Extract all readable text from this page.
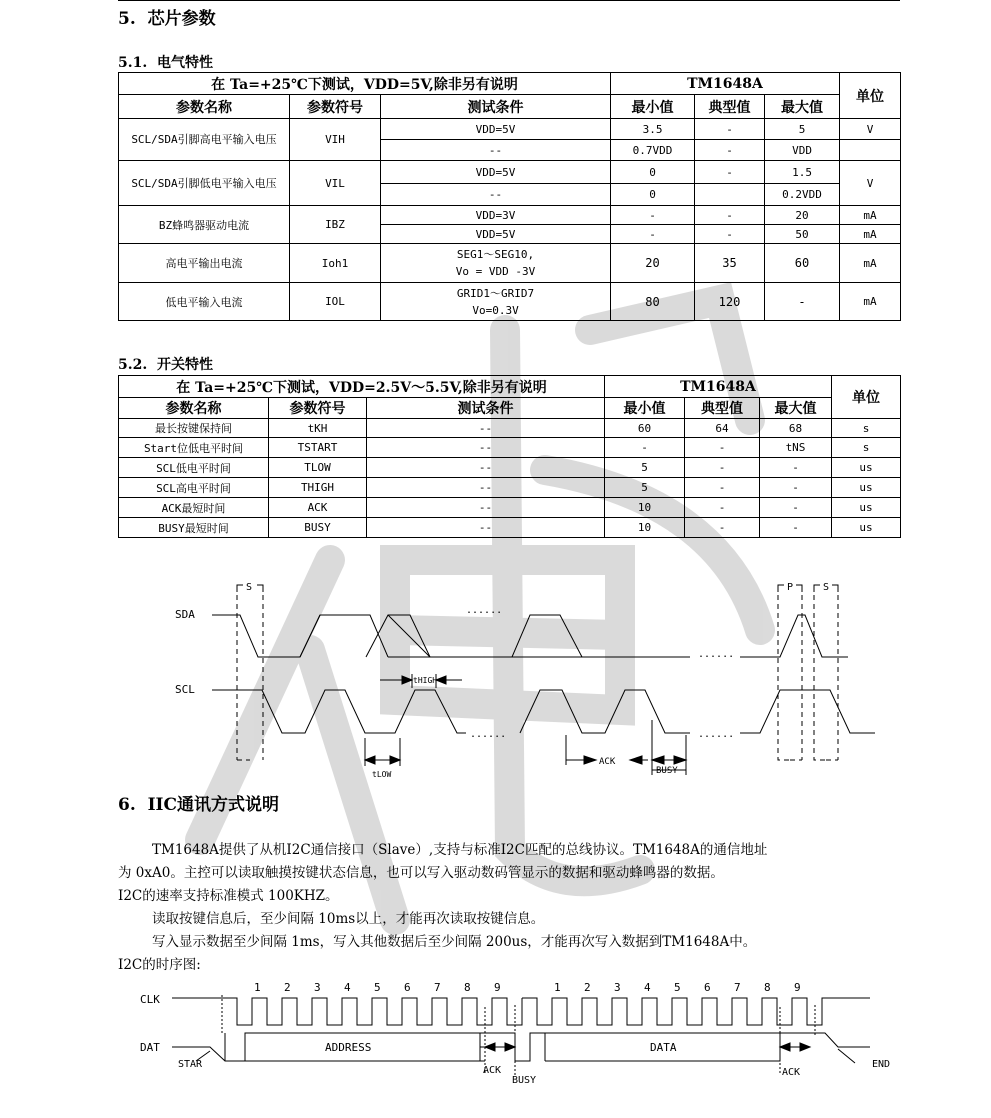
天微电子
5. 芯片参数
5.1. 电气特性
在 Ta=+25℃下测试，VDD=5V,除非另有说明			TM1648A			单位
参数名称	参数符号	测试条件	最小值	典型值	最大值	
SCL/SDA引脚高电平输入电压	VIH	VDD=5V	3.5	-	5	V
		--	0.7VDD	-	VDD	
SCL/SDA引脚低电平输入电压	VIL	VDD=5V	0	-	1.5	V
		--	0		0.2VDD	
BZ蜂鸣器驱动电流	IBZ	VDD=3V	-	-	20	mA
		VDD=5V	-	-	50	mA
高电平输出电流	Ioh1	SEG1～SEG10,
Vo = VDD -3V	20	35	60	mA
低电平输入电流	IOL	GRID1～GRID7
Vo=0.3V	80	120	-	mA
5.2. 开关特性
在 Ta=+25℃下测试，VDD=2.5V～5.5V,除非另有说明			TM1648A			单位
参数名称	参数符号	测试条件	最小值	典型值	最大值	
最长按键保持间	tKH	--	60	64	68	s
Start位低电平时间	TSTART	--	-	-	tNS	s
SCL低电平时间	TLOW	--	5	-	-	us
SCL高电平时间	THIGH	--	5	-	-	us
ACK最短时间	ACK	--	10	-	-	us
BUSY最短时间	BUSY	--	10	-	-	us
S
SDA	......
......
SCL
......	......
tHIGH
tLOW
ACK
BUSY
P	S
6. IIC通讯方式说明
TM1648A提供了从机I2C通信接口（Slave）,支持与标准I2C匹配的总线协议。TM1648A的通信地址
为 0xA0。主控可以读取触摸按键状态信息，也可以写入驱动数码管显示的数据和驱动蜂鸣器的数据。
I2C的速率支持标准模式 100KHZ。
读取按键信息后，至少间隔 10ms以上，才能再次读取按键信息。
写入显示数据至少间隔 1ms，写入其他数据后至少间隔 200us，才能再次写入数据到TM1648A中。
I2C的时序图:
CLK
DAT
1 2 3 4 5 6 7 8 9	1 2 3 4 5 6 7 8 9
ADDRESS	DATA
STAR
ACK
BUSY
ACK
END
